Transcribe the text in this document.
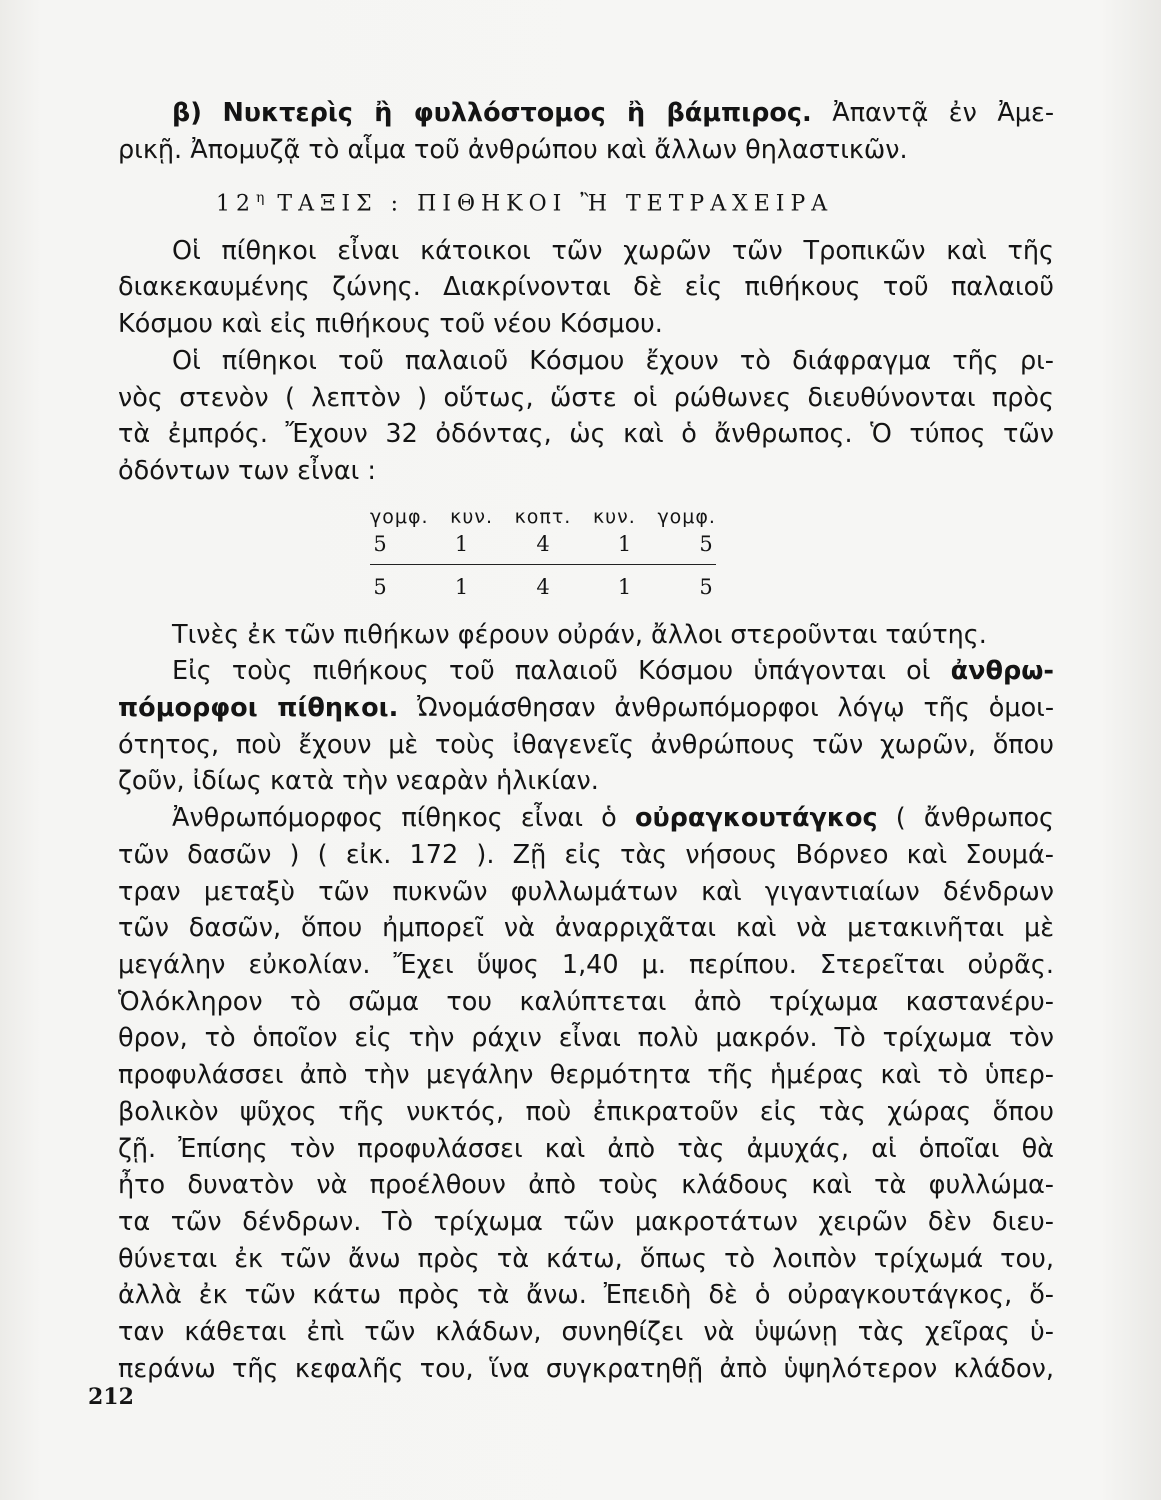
β) Νυκτερὶς ἢ φυλλόστομος ἢ βάμπιρος. Ἀπαντᾷ ἐν Ἀμε-

ρικῇ. Ἀπομυζᾷ τὸ αἷμα τοῦ ἀνθρώπου καὶ ἄλλων θηλαστικῶν.

$12^\eta$ ΤΑΞΙΣ : ΠΙΘΗΚΟΙ Ἢ ΤΕΤΡΑΧΕΙΡΑ

Οἱ πίθηκοι εἶναι κάτοικοι τῶν χωρῶν τῶν Τροπικῶν καὶ τῆς

διακεκαυμένης ζώνης. Διακρίνονται δὲ εἰς πιθήκους τοῦ παλαιοῦ

Κόσμου καὶ εἰς πιθήκους τοῦ νέου Κόσμου.

Οἱ πίθηκοι τοῦ παλαιοῦ Κόσμου ἔχουν τὸ διάφραγμα τῆς ρι-

νὸς στενὸν ( λεπτὸν ) οὕτως, ὥστε οἱ ρώθωνες διευθύνονται πρὸς

τὰ ἐμπρός. Ἔχουν 32 ὀδόντας, ὡς καὶ ὁ ἄνθρωπος. Ὁ τύπος τῶν

ὀδόντων των εἶναι :

γομφ. κυν. κοπτ. κυν. γομφ.
5	1	4	1	5
5	1	4	1	5

Τινὲς ἐκ τῶν πιθήκων φέρουν οὐράν, ἄλλοι στεροῦνται ταύτης.

Εἰς τοὺς πιθήκους τοῦ παλαιοῦ Κόσμου ὑπάγονται οἱ ἀνθρω-

πόμορφοι πίθηκοι. Ὠνομάσθησαν ἀνθρωπόμορφοι λόγῳ τῆς ὁμοι-

ότητος, ποὺ ἔχουν μὲ τοὺς ἰθαγενεῖς ἀνθρώπους τῶν χωρῶν, ὅπου

ζοῦν, ἰδίως κατὰ τὴν νεαρὰν ἡλικίαν.

Ἀνθρωπόμορφος πίθηκος εἶναι ὁ οὐραγκουτάγκος ( ἄνθρωπος

τῶν δασῶν ) ( εἰκ. 172 ). Ζῇ εἰς τὰς νήσους Βόρνεο καὶ Σουμά-

τραν μεταξὺ τῶν πυκνῶν φυλλωμάτων καὶ γιγαντιαίων δένδρων

τῶν δασῶν, ὅπου ἠμπορεῖ νὰ ἀναρριχᾶται καὶ νὰ μετακινῆται μὲ

μεγάλην εὐκολίαν. Ἔχει ὕψος 1,40 μ. περίπου. Στερεῖται οὐρᾶς.

Ὁλόκληρον τὸ σῶμα του καλύπτεται ἀπὸ τρίχωμα καστανέρυ-

θρον, τὸ ὁποῖον εἰς τὴν ράχιν εἶναι πολὺ μακρόν. Τὸ τρίχωμα τὸν

προφυλάσσει ἀπὸ τὴν μεγάλην θερμότητα τῆς ἡμέρας καὶ τὸ ὑπερ-

βολικὸν ψῦχος τῆς νυκτός, ποὺ ἐπικρατοῦν εἰς τὰς χώρας ὅπου

ζῇ. Ἐπίσης τὸν προφυλάσσει καὶ ἀπὸ τὰς ἀμυχάς, αἱ ὁποῖαι θὰ

ἦτο δυνατὸν νὰ προέλθουν ἀπὸ τοὺς κλάδους καὶ τὰ φυλλώμα-

τα τῶν δένδρων. Τὸ τρίχωμα τῶν μακροτάτων χειρῶν δὲν διευ-

θύνεται ἐκ τῶν ἄνω πρὸς τὰ κάτω, ὅπως τὸ λοιπὸν τρίχωμά του,

ἀλλὰ ἐκ τῶν κάτω πρὸς τὰ ἄνω. Ἐπειδὴ δὲ ὁ οὐραγκουτάγκος, ὅ-

ταν κάθεται ἐπὶ τῶν κλάδων, συνηθίζει νὰ ὑψώνῃ τὰς χεῖρας ὑ-

περάνω τῆς κεφαλῆς του, ἵνα συγκρατηθῇ ἀπὸ ὑψηλότερον κλάδον,

212
